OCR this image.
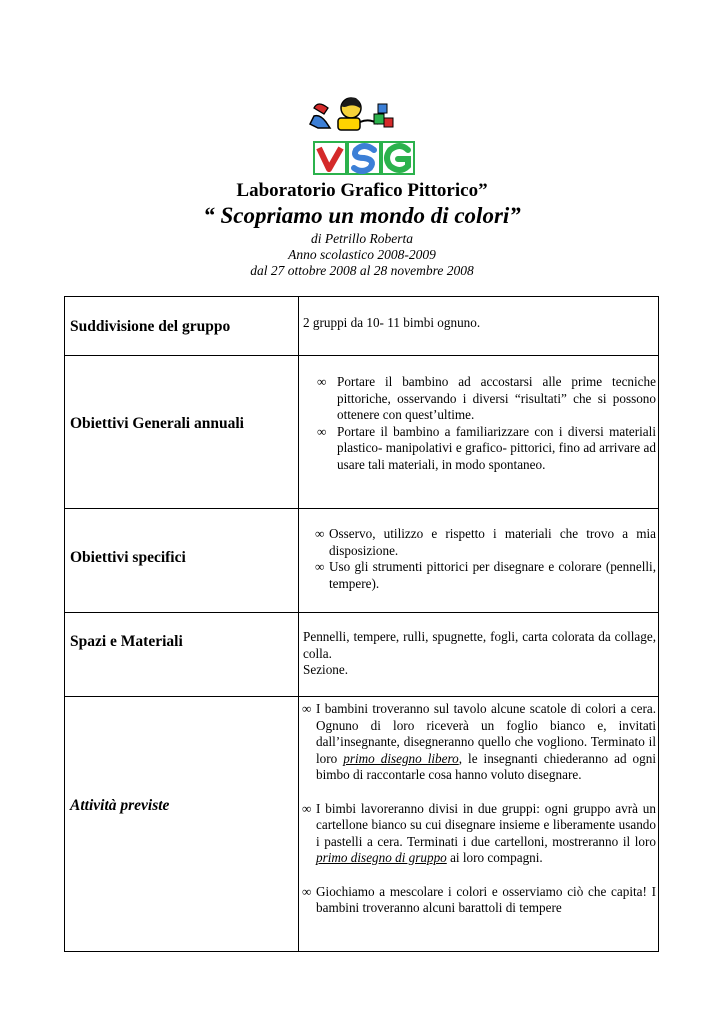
Laboratorio Grafico Pittorico”
“ Scopriamo un mondo di colori”
di Petrillo Roberta
Anno scolastico 2008-2009
dal 27 ottobre 2008 al 28 novembre 2008
Suddivisione del gruppo	2 gruppi da 10- 11 bimbi ognuno.

Obiettivi Generali annuali

∞ Portare il bambino ad accostarsi alle prime tecniche pittoriche, osservando i diversi “risultati” che si possono ottenere con quest’ultime.

∞ Portare il bambino a familiarizzare con i diversi materiali plastico- manipolativi e grafico- pittorici, fino ad arrivare ad usare tali materiali, in modo spontaneo.

Obiettivi specifici

∞ Osservo, utilizzo e rispetto i materiali che trovo a mia disposizione.

∞ Uso gli strumenti pittorici per disegnare e colorare (pennelli, tempere).

Spazi e Materiali	Pennelli, tempere, rulli, spugnette, fogli, carta colorata da collage, colla.

Sezione.

Attività previste

∞ I bambini troveranno sul tavolo alcune scatole di colori a cera. Ognuno di loro riceverà un foglio bianco e, invitati dall’insegnante, disegneranno quello che vogliono. Terminato il loro primo disegno libero, le insegnanti chiederanno ad ogni bimbo di raccontarle cosa hanno voluto disegnare.

∞ I bimbi lavoreranno divisi in due gruppi: ogni gruppo avrà un cartellone bianco su cui disegnare insieme e liberamente usando i pastelli a cera. Terminati i due cartelloni, mostreranno il loro primo disegno di gruppo ai loro compagni.

∞ Giochiamo a mescolare i colori e osserviamo ciò che capita! I bambini troveranno alcuni barattoli di tempere
